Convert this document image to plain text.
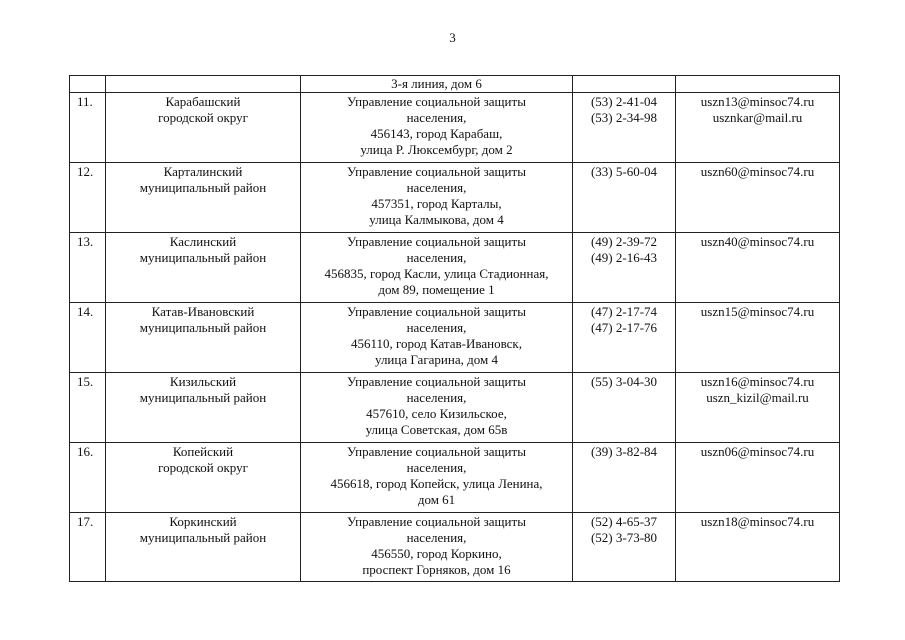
3

		3-я линия, дом 6		

11.	Карабашский
городской округ	Управление социальной защиты
населения,
456143, город Карабаш,
улица Р. Люксембург, дом 2	(53) 2-41-04
(53) 2-34-98	uszn13@minsoc74.ru
usznkar@mail.ru

12.	Карталинский
муниципальный район	Управление социальной защиты
населения,
457351, город Карталы,
улица Калмыкова, дом 4	(33) 5-60-04	uszn60@minsoc74.ru

13.	Каслинский
муниципальный район	Управление социальной защиты
населения,
456835, город Касли, улица Стадионная,
дом 89, помещение 1	(49) 2-39-72
(49) 2-16-43	uszn40@minsoc74.ru

14.	Катав-Ивановский
муниципальный район	Управление социальной защиты
населения,
456110, город Катав-Ивановск,
улица Гагарина, дом 4	(47) 2-17-74
(47) 2-17-76	uszn15@minsoc74.ru

15.	Кизильский
муниципальный район	Управление социальной защиты
населения,
457610, село Кизильское,
улица Советская, дом 65в	(55) 3-04-30	uszn16@minsoc74.ru
uszn_kizil@mail.ru

16.	Копейский
городской округ	Управление социальной защиты
населения,
456618, город Копейск, улица Ленина,
дом 61	(39) 3-82-84	uszn06@minsoc74.ru

17.	Коркинский
муниципальный район	Управление социальной защиты
населения,
456550, город Коркино,
проспект Горняков, дом 16	(52) 4-65-37
(52) 3-73-80	uszn18@minsoc74.ru
